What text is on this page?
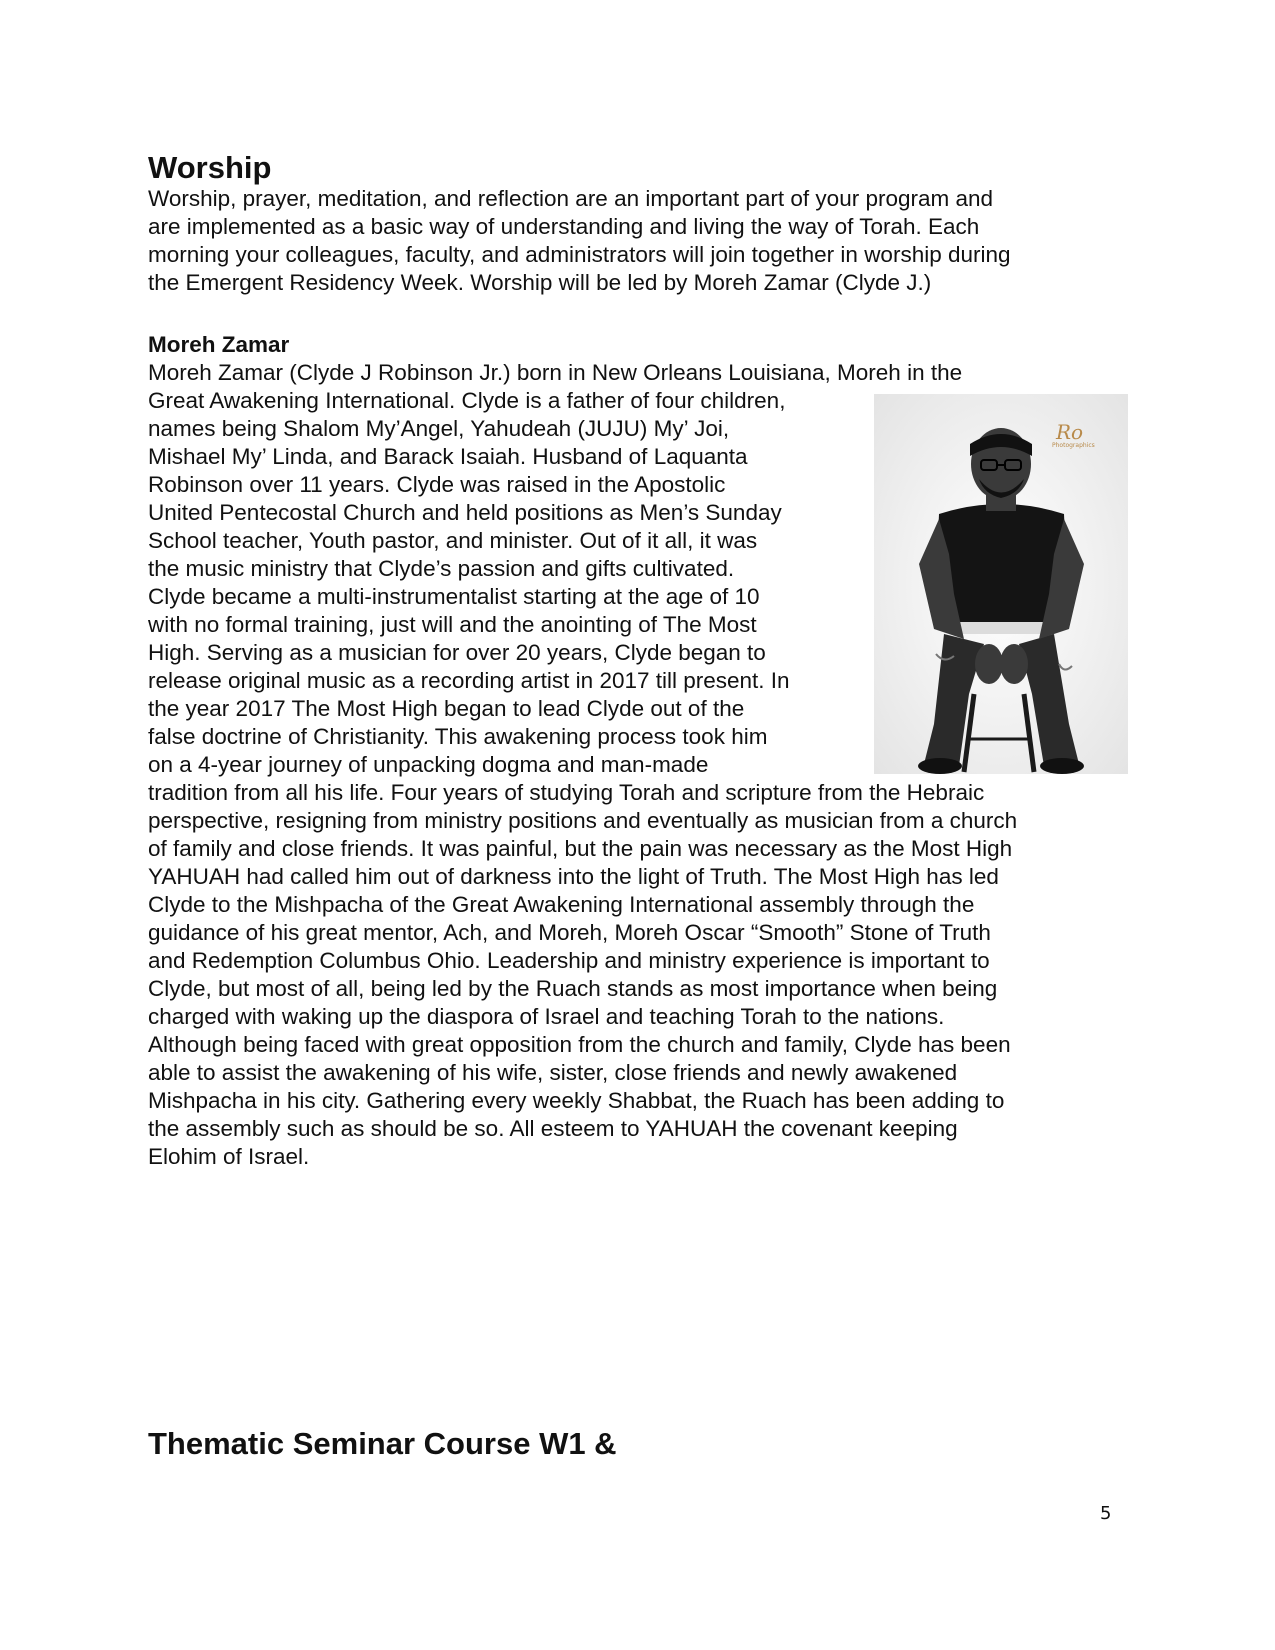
Worship

Worship, prayer, meditation, and reflection are an important part of your program and

are implemented as a basic way of understanding and living the way of Torah. Each

morning your colleagues, faculty, and administrators will join together in worship during

the Emergent Residency Week. Worship will be led by Moreh Zamar (Clyde J.)

Moreh Zamar

Moreh Zamar (Clyde J Robinson Jr.) born in New Orleans Louisiana, Moreh in the

Great Awakening International. Clyde is a father of four children,

names being Shalom My’Angel, Yahudeah (JUJU) My’ Joi,

Mishael My’ Linda, and Barack Isaiah. Husband of Laquanta

Robinson over 11 years. Clyde was raised in the Apostolic

United Pentecostal Church and held positions as Men’s Sunday

School teacher, Youth pastor, and minister. Out of it all, it was

the music ministry that Clyde’s passion and gifts cultivated.

Clyde became a multi-instrumentalist starting at the age of 10

with no formal training, just will and the anointing of The Most

High. Serving as a musician for over 20 years, Clyde began to

release original music as a recording artist in 2017 till present. In

the year 2017 The Most High began to lead Clyde out of the

false doctrine of Christianity. This awakening process took him

on a 4-year journey of unpacking dogma and man-made

tradition from all his life. Four years of studying Torah and scripture from the Hebraic

perspective, resigning from ministry positions and eventually as musician from a church

of family and close friends. It was painful, but the pain was necessary as the Most High

YAHUAH had called him out of darkness into the light of Truth. The Most High has led

Clyde to the Mishpacha of the Great Awakening International assembly through the

guidance of his great mentor, Ach, and Moreh, Moreh Oscar “Smooth” Stone of Truth

and Redemption Columbus Ohio. Leadership and ministry experience is important to

Clyde, but most of all, being led by the Ruach stands as most importance when being

charged with waking up the diaspora of Israel and teaching Torah to the nations.

Although being faced with great opposition from the church and family, Clyde has been

able to assist the awakening of his wife, sister, close friends and newly awakened

Mishpacha in his city. Gathering every weekly Shabbat, the Ruach has been adding to

the assembly such as should be so. All esteem to YAHUAH the covenant keeping

Elohim of Israel.

Ro
Photographics
Thematic Seminar Course W1 &

5
